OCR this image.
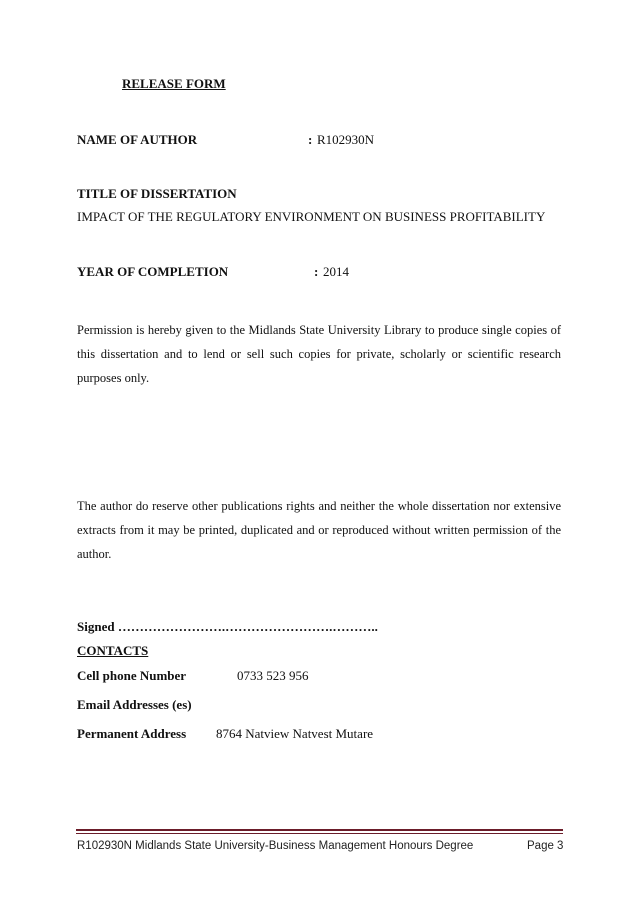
RELEASE FORM
NAME OF AUTHOR	: R102930N
TITLE OF DISSERTATION
IMPACT OF THE REGULATORY ENVIRONMENT ON BUSINESS PROFITABILITY
YEAR OF COMPLETION	: 2014
Permission is hereby given to the Midlands State University Library to produce single copies of this dissertation and to lend or sell such copies for private, scholarly or scientific research purposes only.
The author do reserve other publications rights and neither the whole dissertation nor extensive extracts from it may be printed, duplicated and or reproduced without written permission of the author.
Signed …………………….…………………….………..
CONTACTS
Cell phone Number	0733 523 956
Email Addresses (es)
Permanent Address 8764 Natview Natvest Mutare
R102930N Midlands State University-Business Management Honours Degree	Page 3
